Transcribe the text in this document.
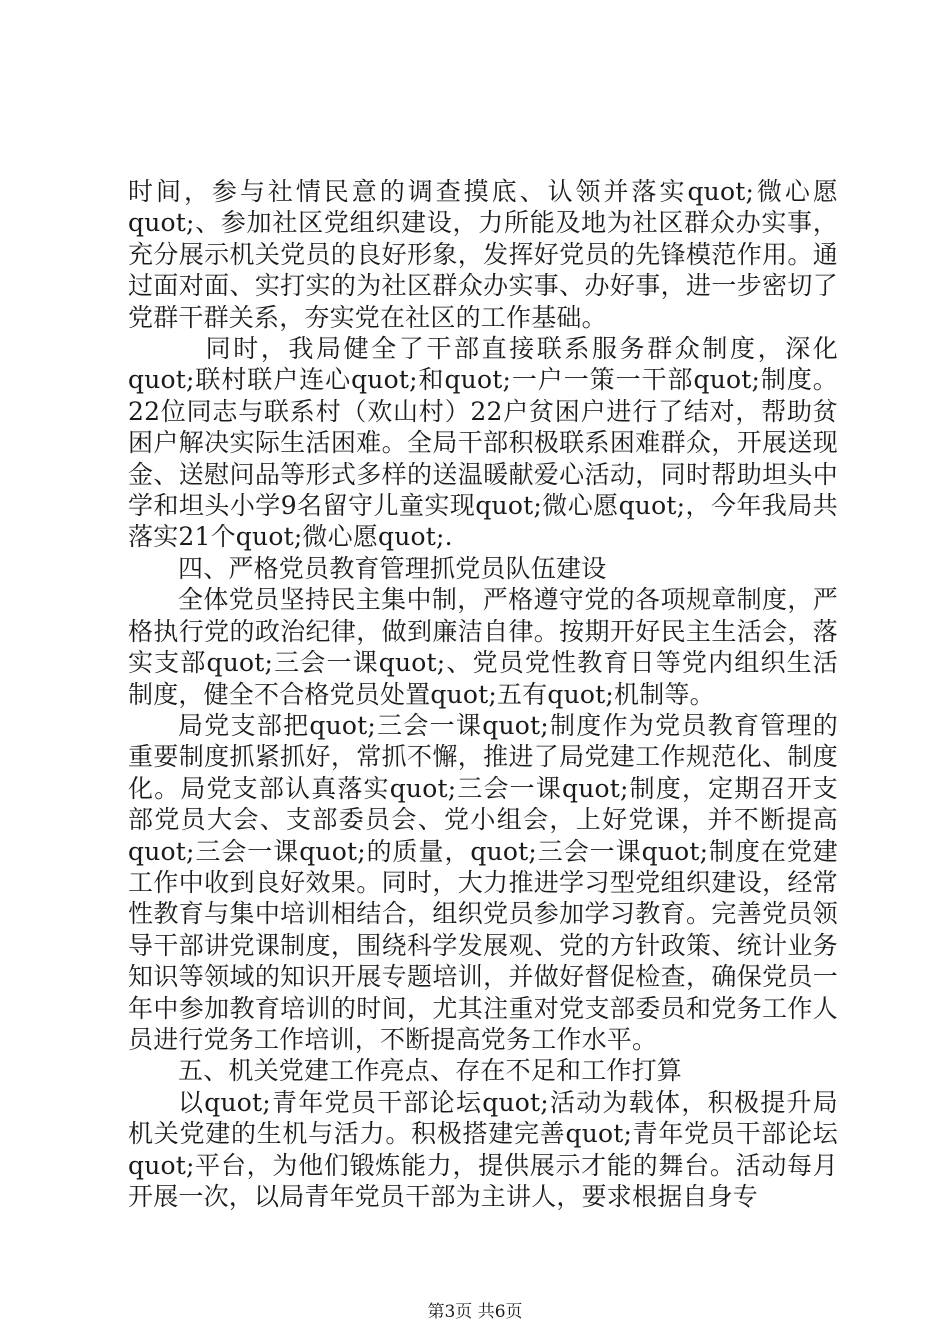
时间，参与社情民意的调查摸底、认领并落实quot;微心愿quot;、参加社区党组织建设，力所能及地为社区群众办实事，充分展示机关党员的良好形象，发挥好党员的先锋模范作用。通过面对面、实打实的为社区群众办实事、办好事，进一步密切了党群干群关系，夯实党在社区的工作基础。

　同时，我局健全了干部直接联系服务群众制度，深化quot;联村联户连心quot;和quot;一户一策一干部quot;制度。22位同志与联系村（欢山村）22户贫困户进行了结对，帮助贫困户解决实际生活困难。全局干部积极联系困难群众，开展送现金、送慰问品等形式多样的送温暖献爱心活动，同时帮助坦头中学和坦头小学9名留守儿童实现quot;微心愿quot;，今年我局共落实21个quot;微心愿quot;.

四、严格党员教育管理抓党员队伍建设

全体党员坚持民主集中制，严格遵守党的各项规章制度，严格执行党的政治纪律，做到廉洁自律。按期开好民主生活会，落实支部quot;三会一课quot;、党员党性教育日等党内组织生活制度，健全不合格党员处置quot;五有quot;机制等。

局党支部把quot;三会一课quot;制度作为党员教育管理的重要制度抓紧抓好，常抓不懈，推进了局党建工作规范化、制度化。局党支部认真落实quot;三会一课quot;制度，定期召开支部党员大会、支部委员会、党小组会，上好党课，并不断提高quot;三会一课quot;的质量，quot;三会一课quot;制度在党建工作中收到良好效果。同时，大力推进学习型党组织建设，经常性教育与集中培训相结合，组织党员参加学习教育。完善党员领导干部讲党课制度，围绕科学发展观、党的方针政策、统计业务知识等领域的知识开展专题培训，并做好督促检查，确保党员一年中参加教育培训的时间，尤其注重对党支部委员和党务工作人员进行党务工作培训，不断提高党务工作水平。

五、机关党建工作亮点、存在不足和工作打算

以quot;青年党员干部论坛quot;活动为载体，积极提升局机关党建的生机与活力。积极搭建完善quot;青年党员干部论坛quot;平台，为他们锻炼能力，提供展示才能的舞台。活动每月开展一次，以局青年党员干部为主讲人，要求根据自身专

第3页 共6页
